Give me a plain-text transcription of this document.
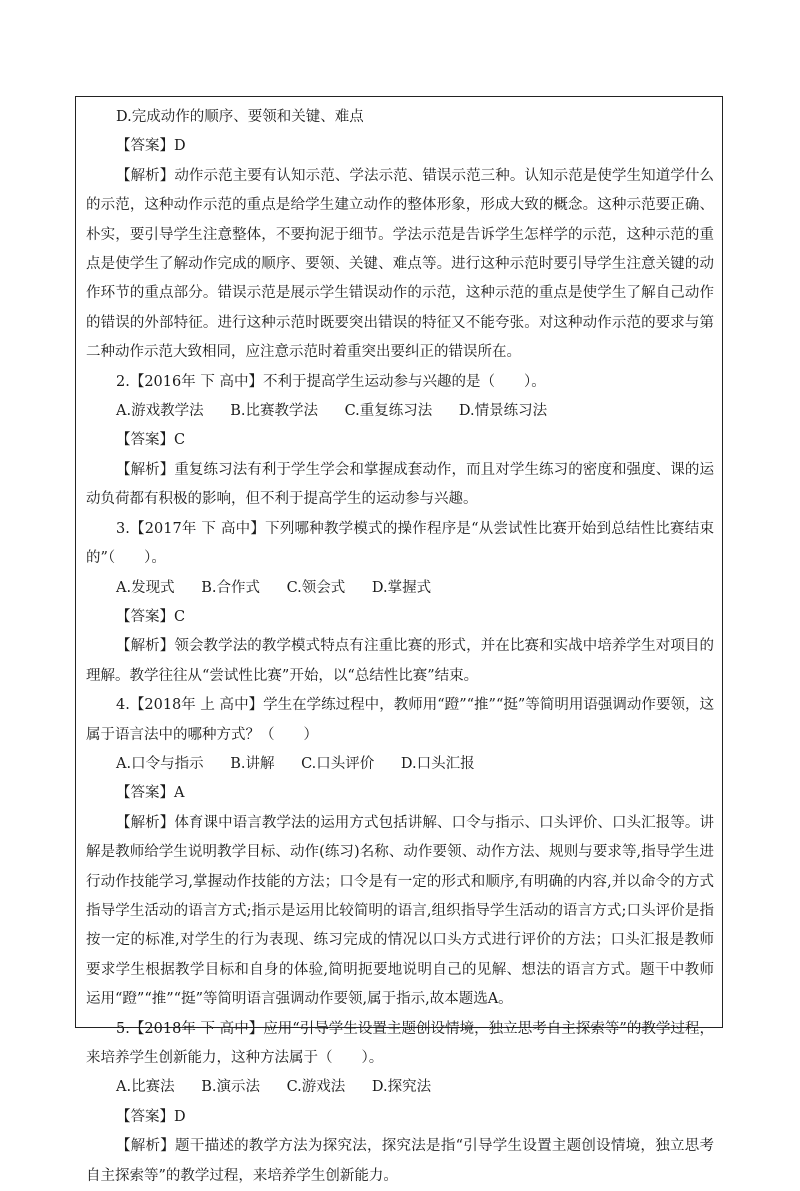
D.完成动作的顺序、要领和关键、难点

【答案】D

【解析】动作示范主要有认知示范、学法示范、错误示范三种。认知示范是使学生知道学什么的示范，这种动作示范的重点是给学生建立动作的整体形象，形成大致的概念。这种示范要正确、朴实，要引导学生注意整体，不要拘泥于细节。学法示范是告诉学生怎样学的示范，这种示范的重点是使学生了解动作完成的顺序、要领、关键、难点等。进行这种示范时要引导学生注意关键的动作环节的重点部分。错误示范是展示学生错误动作的示范，这种示范的重点是使学生了解自己动作的错误的外部特征。进行这种示范时既要突出错误的特征又不能夸张。对这种动作示范的要求与第二种动作示范大致相同，应注意示范时着重突出要纠正的错误所在。

2.【2016年 下 高中】不利于提高学生运动参与兴趣的是（　　）。

A.游戏教学法 B.比赛教学法 C.重复练习法 D.情景练习法

【答案】C

【解析】重复练习法有利于学生学会和掌握成套动作，而且对学生练习的密度和强度、课的运动负荷都有积极的影响，但不利于提高学生的运动参与兴趣。

3.【2017年 下 高中】下列哪种教学模式的操作程序是“从尝试性比赛开始到总结性比赛结束的”（　　）。

A.发现式 B.合作式 C.领会式 D.掌握式

【答案】C

【解析】领会教学法的教学模式特点有注重比赛的形式，并在比赛和实战中培养学生对项目的理解。教学往往从“尝试性比赛”开始，以“总结性比赛”结束。

4.【2018年 上 高中】学生在学练过程中，教师用“蹬”“推”“挺”等简明用语强调动作要领，这属于语言法中的哪种方式？（　　）

A.口令与指示 B.讲解 C.口头评价 D.口头汇报

【答案】A

【解析】体育课中语言教学法的运用方式包括讲解、口令与指示、口头评价、口头汇报等。讲解是教师给学生说明教学目标、动作(练习)名称、动作要领、动作方法、规则与要求等,指导学生进行动作技能学习,掌握动作技能的方法；口令是有一定的形式和顺序,有明确的内容,并以命令的方式指导学生活动的语言方式;指示是运用比较简明的语言,组织指导学生活动的语言方式;口头评价是指按一定的标准,对学生的行为表现、练习完成的情况以口头方式进行评价的方法；口头汇报是教师要求学生根据教学目标和自身的体验,简明扼要地说明自己的见解、想法的语言方式。题干中教师运用“蹬”“推”“挺”等简明语言强调动作要领,属于指示,故本题选A。

5.【2018年 下 高中】应用“引导学生设置主题创设情境，独立思考自主探索等”的教学过程，来培养学生创新能力，这种方法属于（　　）。

A.比赛法 B.演示法 C.游戏法 D.探究法

【答案】D

【解析】题干描述的教学方法为探究法，探究法是指“引导学生设置主题创设情境，独立思考自主探索等”的教学过程，来培养学生创新能力。
